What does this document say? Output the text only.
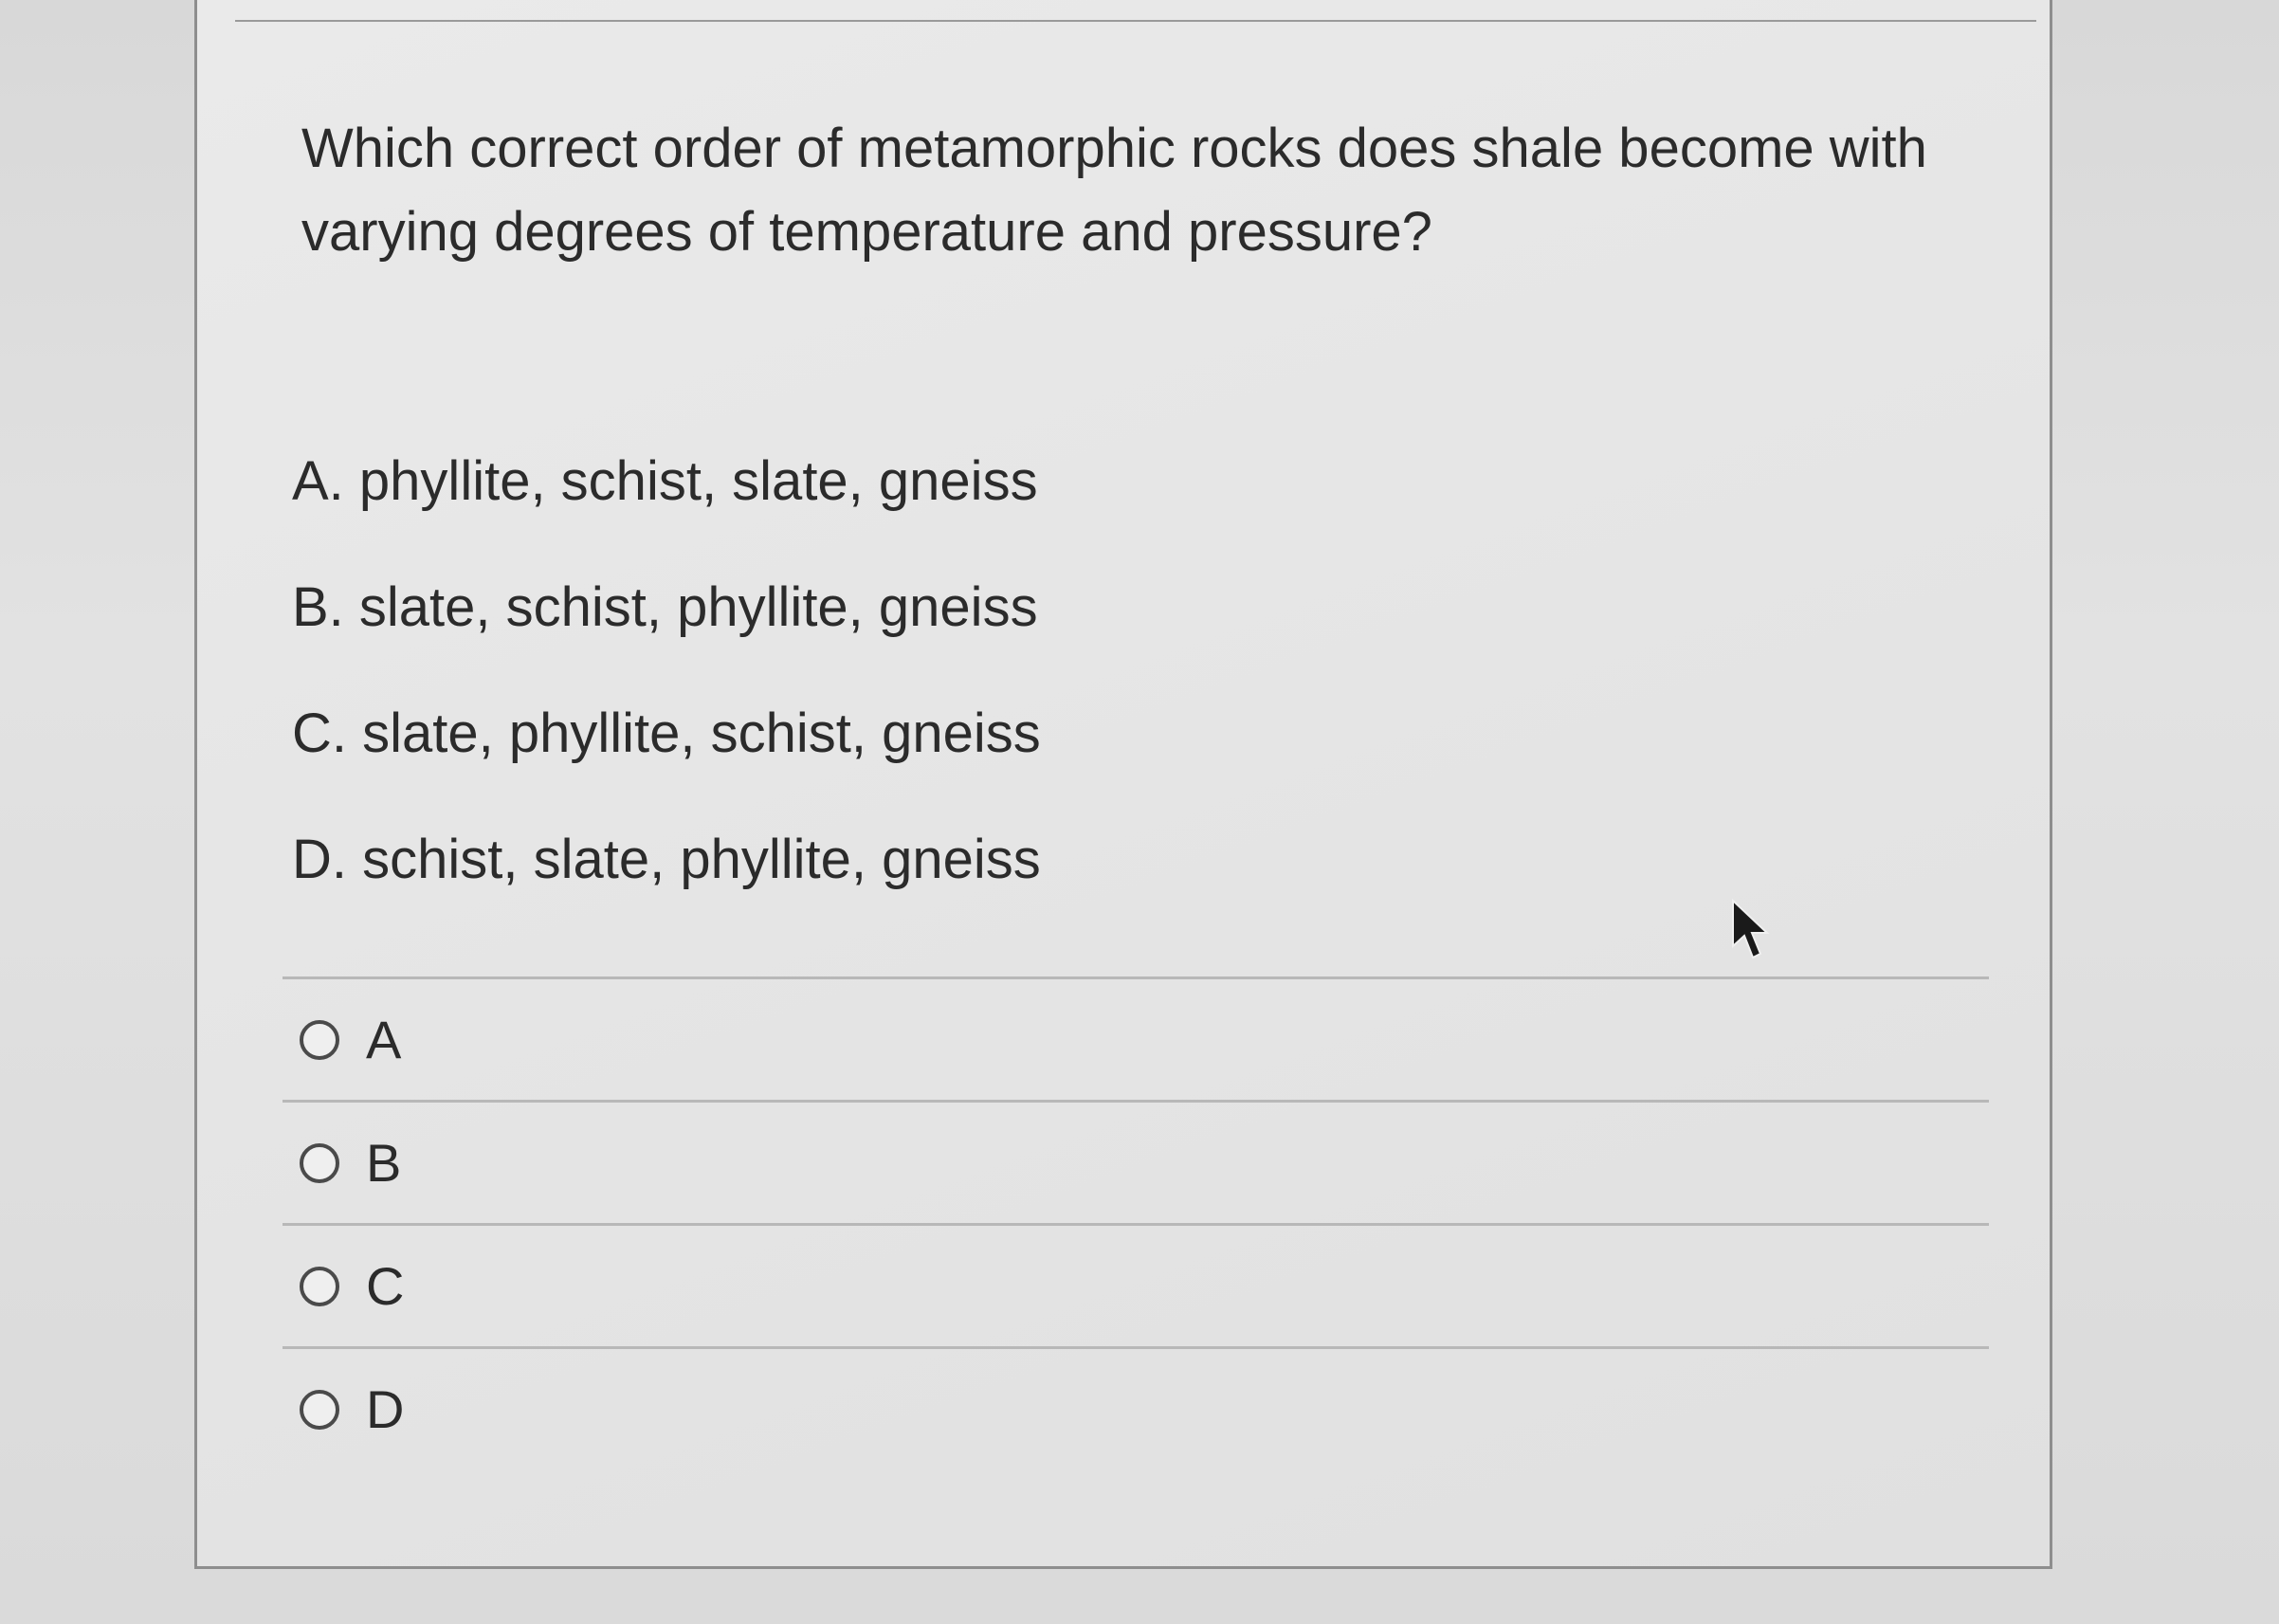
Which correct order of metamorphic rocks does shale become with
varying degrees of temperature and pressure?
A. phyllite, schist, slate, gneiss
B. slate, schist, phyllite, gneiss
C. slate, phyllite, schist, gneiss
D. schist, slate, phyllite, gneiss
A
B
C
D
